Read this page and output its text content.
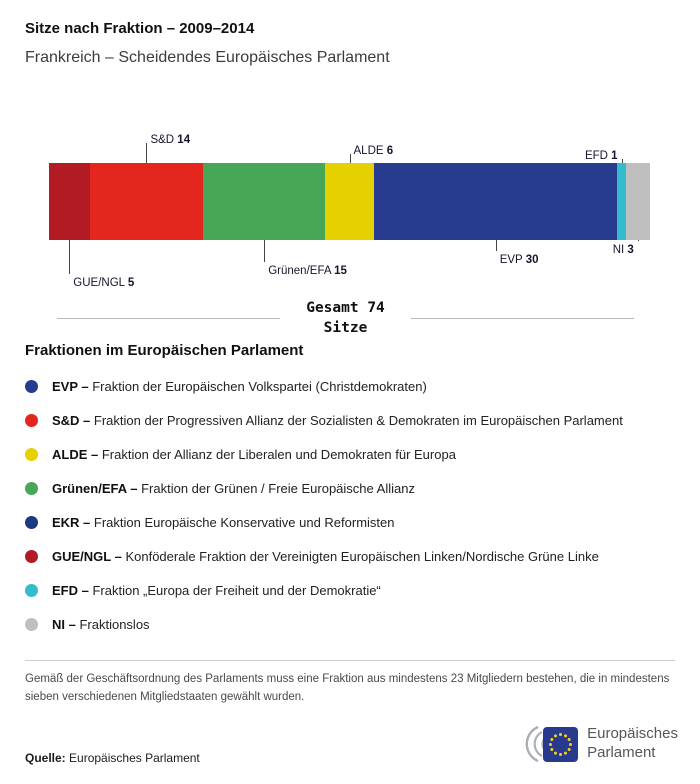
Sitze nach Fraktion – 2009–2014
Frankreich – Scheidendes Europäisches Parlament
GUE/NGL 5
S&D 14
Grünen/EFA 15
ALDE 6
EVP 30
EFD 1
NI 3
Gesamt 74
Sitze
Fraktionen im Europäischen Parlament
EVP – Fraktion der Europäischen Volkspartei (Christdemokraten)
S&D – Fraktion der Progressiven Allianz der Sozialisten & Demokraten im Europäischen Parlament
ALDE – Fraktion der Allianz der Liberalen und Demokraten für Europa
Grünen/EFA – Fraktion der Grünen / Freie Europäische Allianz
EKR – Fraktion Europäische Konservative und Reformisten
GUE/NGL – Konföderale Fraktion der Vereinigten Europäischen Linken/Nordische Grüne Linke
EFD – Fraktion „Europa der Freiheit und der Demokratie“
NI – Fraktionslos
Gemäß der Geschäftsordnung des Parlaments muss eine Fraktion aus mindestens 23 Mitgliedern bestehen, die in mindestens sieben verschiedenen Mitgliedstaaten gewählt wurden.
Quelle: Europäisches Parlament
Europäisches
Parlament
